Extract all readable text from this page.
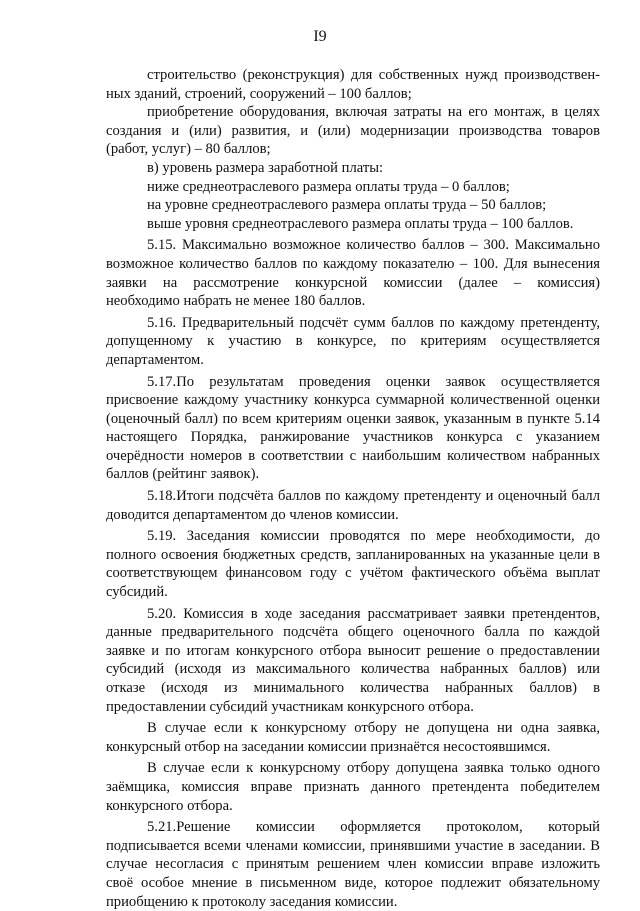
I9
строительство (реконструкция) для собственных нужд производствен-
ных зданий, строений, сооружений – 100 баллов;
приобретение оборудования, включая затраты на его монтаж, в целях
создания и (или) развития, и (или) модернизации производства товаров
(работ, услуг) – 80 баллов;
в) уровень размера заработной платы:
ниже среднеотраслевого размера оплаты труда – 0 баллов;
на уровне среднеотраслевого размера оплаты труда – 50 баллов;
выше уровня среднеотраслевого размера оплаты труда – 100 баллов.
5.15. Максимально возможное количество баллов – 300. Максимально
возможное количество баллов по каждому показателю – 100. Для вынесения
заявки на рассмотрение конкурсной комиссии (далее – комиссия)
необходимо набрать не менее 180 баллов.
5.16. Предварительный подсчёт сумм баллов по каждому претенденту,
допущенному к участию в конкурсе, по критериям осуществляется
департаментом.
5.17.По результатам проведения оценки заявок осуществляется
присвоение каждому участнику конкурса суммарной количественной оценки
(оценочный балл) по всем критериям оценки заявок, указанным в пункте 5.14
настоящего Порядка, ранжирование участников конкурса с указанием
очерёдности номеров в соответствии с наибольшим количеством набранных
баллов (рейтинг заявок).
5.18.Итоги подсчёта баллов по каждому претенденту и оценочный балл
доводится департаментом до членов комиссии.
5.19. Заседания комиссии проводятся по мере необходимости, до
полного освоения бюджетных средств, запланированных на указанные цели в
соответствующем финансовом году с учётом фактического объёма выплат
субсидий.
5.20. Комиссия в ходе заседания рассматривает заявки претендентов,
данные предварительного подсчёта общего оценочного балла по каждой
заявке и по итогам конкурсного отбора выносит решение о предоставлении
субсидий (исходя из максимального количества набранных баллов) или
отказе (исходя из минимального количества набранных баллов) в
предоставлении субсидий участникам конкурсного отбора.
В случае если к конкурсному отбору не допущена ни одна заявка,
конкурсный отбор на заседании комиссии признаётся несостоявшимся.
В случае если к конкурсному отбору допущена заявка только одного
заёмщика, комиссия вправе признать данного претендента победителем
конкурсного отбора.
5.21.Решение комиссии оформляется протоколом, который
подписывается всеми членами комиссии, принявшими участие в заседании. В
случае несогласия с принятым решением член комиссии вправе изложить
своё особое мнение в письменном виде, которое подлежит обязательному
приобщению к протоколу заседания комиссии.
